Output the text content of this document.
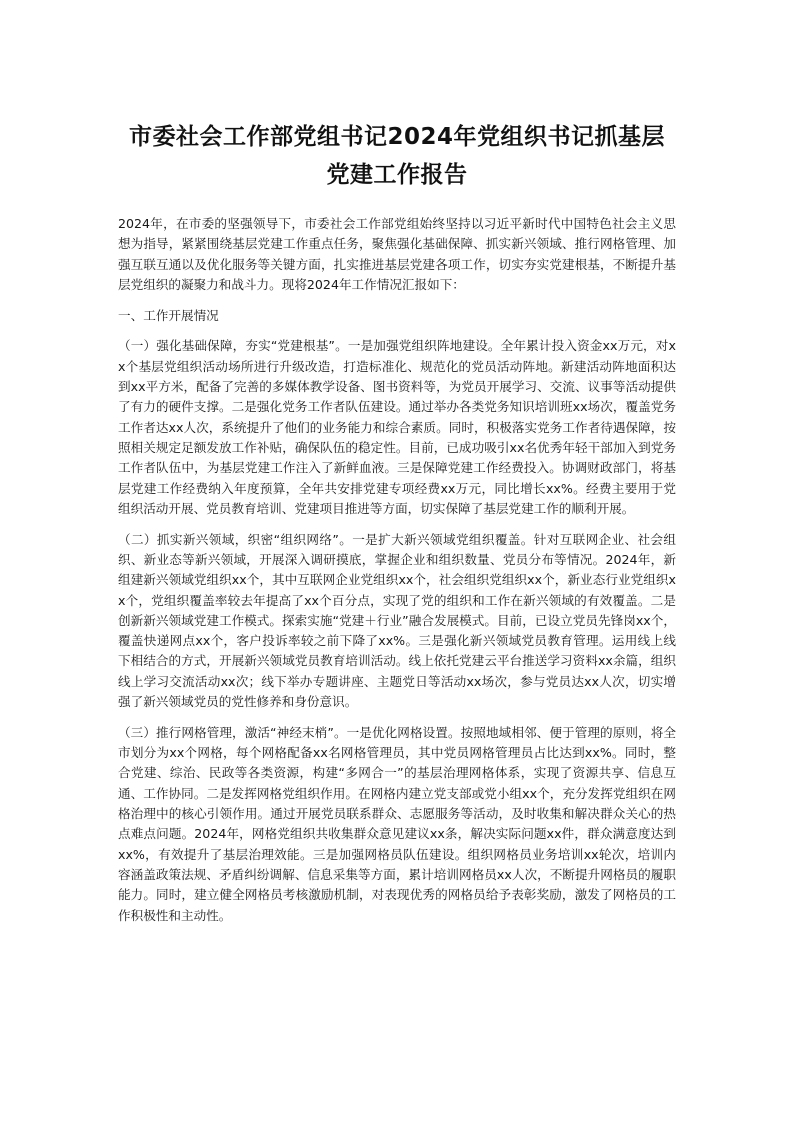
市委社会工作部党组书记2024年党组织书记抓基层
党建工作报告

2024年，在市委的坚强领导下，市委社会工作部党组始终坚持以习近平新时代中国特色社会主义思想为指导，紧紧围绕基层党建工作重点任务，聚焦强化基础保障、抓实新兴领域、推行网格管理、加强互联互通以及优化服务等关键方面，扎实推进基层党建各项工作，切实夯实党建根基，不断提升基层党组织的凝聚力和战斗力。现将2024年工作情况汇报如下：

一、工作开展情况

（一）强化基础保障，夯实“党建根基”。一是加强党组织阵地建设。全年累计投入资金xx万元，对xx个基层党组织活动场所进行升级改造，打造标准化、规范化的党员活动阵地。新建活动阵地面积达到xx平方米，配备了完善的多媒体教学设备、图书资料等，为党员开展学习、交流、议事等活动提供了有力的硬件支撑。二是强化党务工作者队伍建设。通过举办各类党务知识培训班xx场次，覆盖党务工作者达xx人次，系统提升了他们的业务能力和综合素质。同时，积极落实党务工作者待遇保障，按照相关规定足额发放工作补贴，确保队伍的稳定性。目前，已成功吸引xx名优秀年轻干部加入到党务工作者队伍中，为基层党建工作注入了新鲜血液。三是保障党建工作经费投入。协调财政部门，将基层党建工作经费纳入年度预算，全年共安排党建专项经费xx万元，同比增长xx%。经费主要用于党组织活动开展、党员教育培训、党建项目推进等方面，切实保障了基层党建工作的顺利开展。

（二）抓实新兴领域，织密“组织网络”。一是扩大新兴领域党组织覆盖。针对互联网企业、社会组织、新业态等新兴领域，开展深入调研摸底，掌握企业和组织数量、党员分布等情况。2024年，新组建新兴领域党组织xx个，其中互联网企业党组织xx个，社会组织党组织xx个，新业态行业党组织xx个，党组织覆盖率较去年提高了xx个百分点，实现了党的组织和工作在新兴领域的有效覆盖。二是创新新兴领域党建工作模式。探索实施“党建＋行业”融合发展模式。目前，已设立党员先锋岗xx个，覆盖快递网点xx个，客户投诉率较之前下降了xx%。三是强化新兴领域党员教育管理。运用线上线下相结合的方式，开展新兴领域党员教育培训活动。线上依托党建云平台推送学习资料xx余篇，组织线上学习交流活动xx次；线下举办专题讲座、主题党日等活动xx场次，参与党员达xx人次，切实增强了新兴领域党员的党性修养和身份意识。

（三）推行网格管理，激活“神经末梢”。一是优化网格设置。按照地域相邻、便于管理的原则，将全市划分为xx个网格，每个网格配备xx名网格管理员，其中党员网格管理员占比达到xx%。同时，整合党建、综治、民政等各类资源，构建“多网合一”的基层治理网格体系，实现了资源共享、信息互通、工作协同。二是发挥网格党组织作用。在网格内建立党支部或党小组xx个，充分发挥党组织在网格治理中的核心引领作用。通过开展党员联系群众、志愿服务等活动，及时收集和解决群众关心的热点难点问题。2024年，网格党组织共收集群众意见建议xx条，解决实际问题xx件，群众满意度达到xx%，有效提升了基层治理效能。三是加强网格员队伍建设。组织网格员业务培训xx轮次，培训内容涵盖政策法规、矛盾纠纷调解、信息采集等方面，累计培训网格员xx人次，不断提升网格员的履职能力。同时，建立健全网格员考核激励机制，对表现优秀的网格员给予表彰奖励，激发了网格员的工作积极性和主动性。
